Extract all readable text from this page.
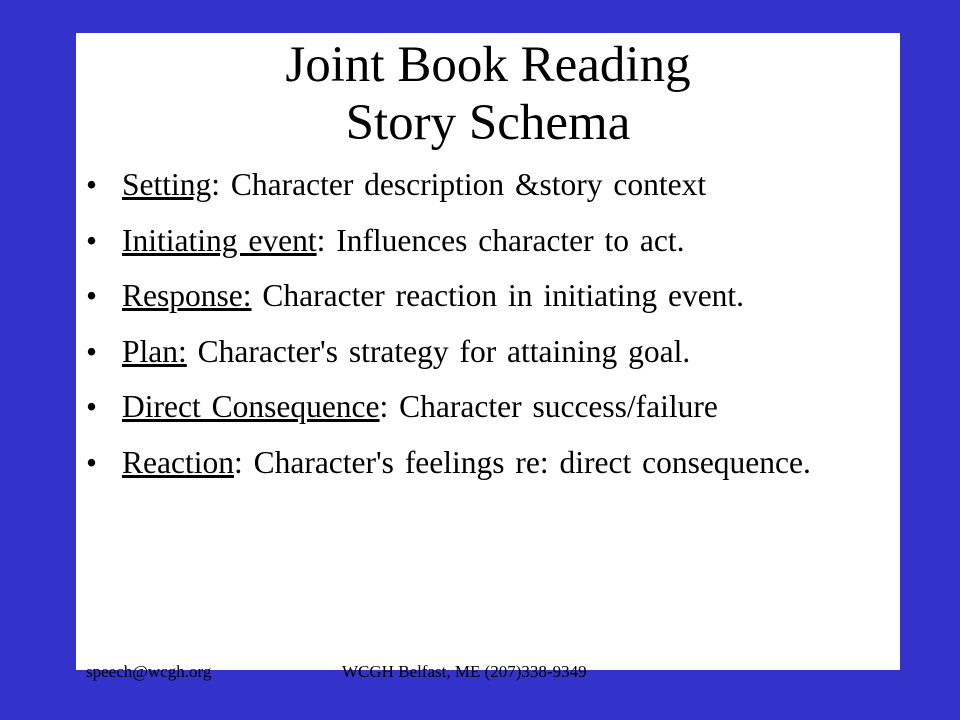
Joint Book Reading
Story Schema
• Setting: Character description &story context
• Initiating event: Influences character to act.
• Response: Character reaction in initiating event.
• Plan: Character's strategy for attaining goal.
• Direct Consequence: Character success/failure
• Reaction: Character's feelings re: direct consequence.
speech@wcgh.org	WCGH Belfast, ME (207)338-9349
